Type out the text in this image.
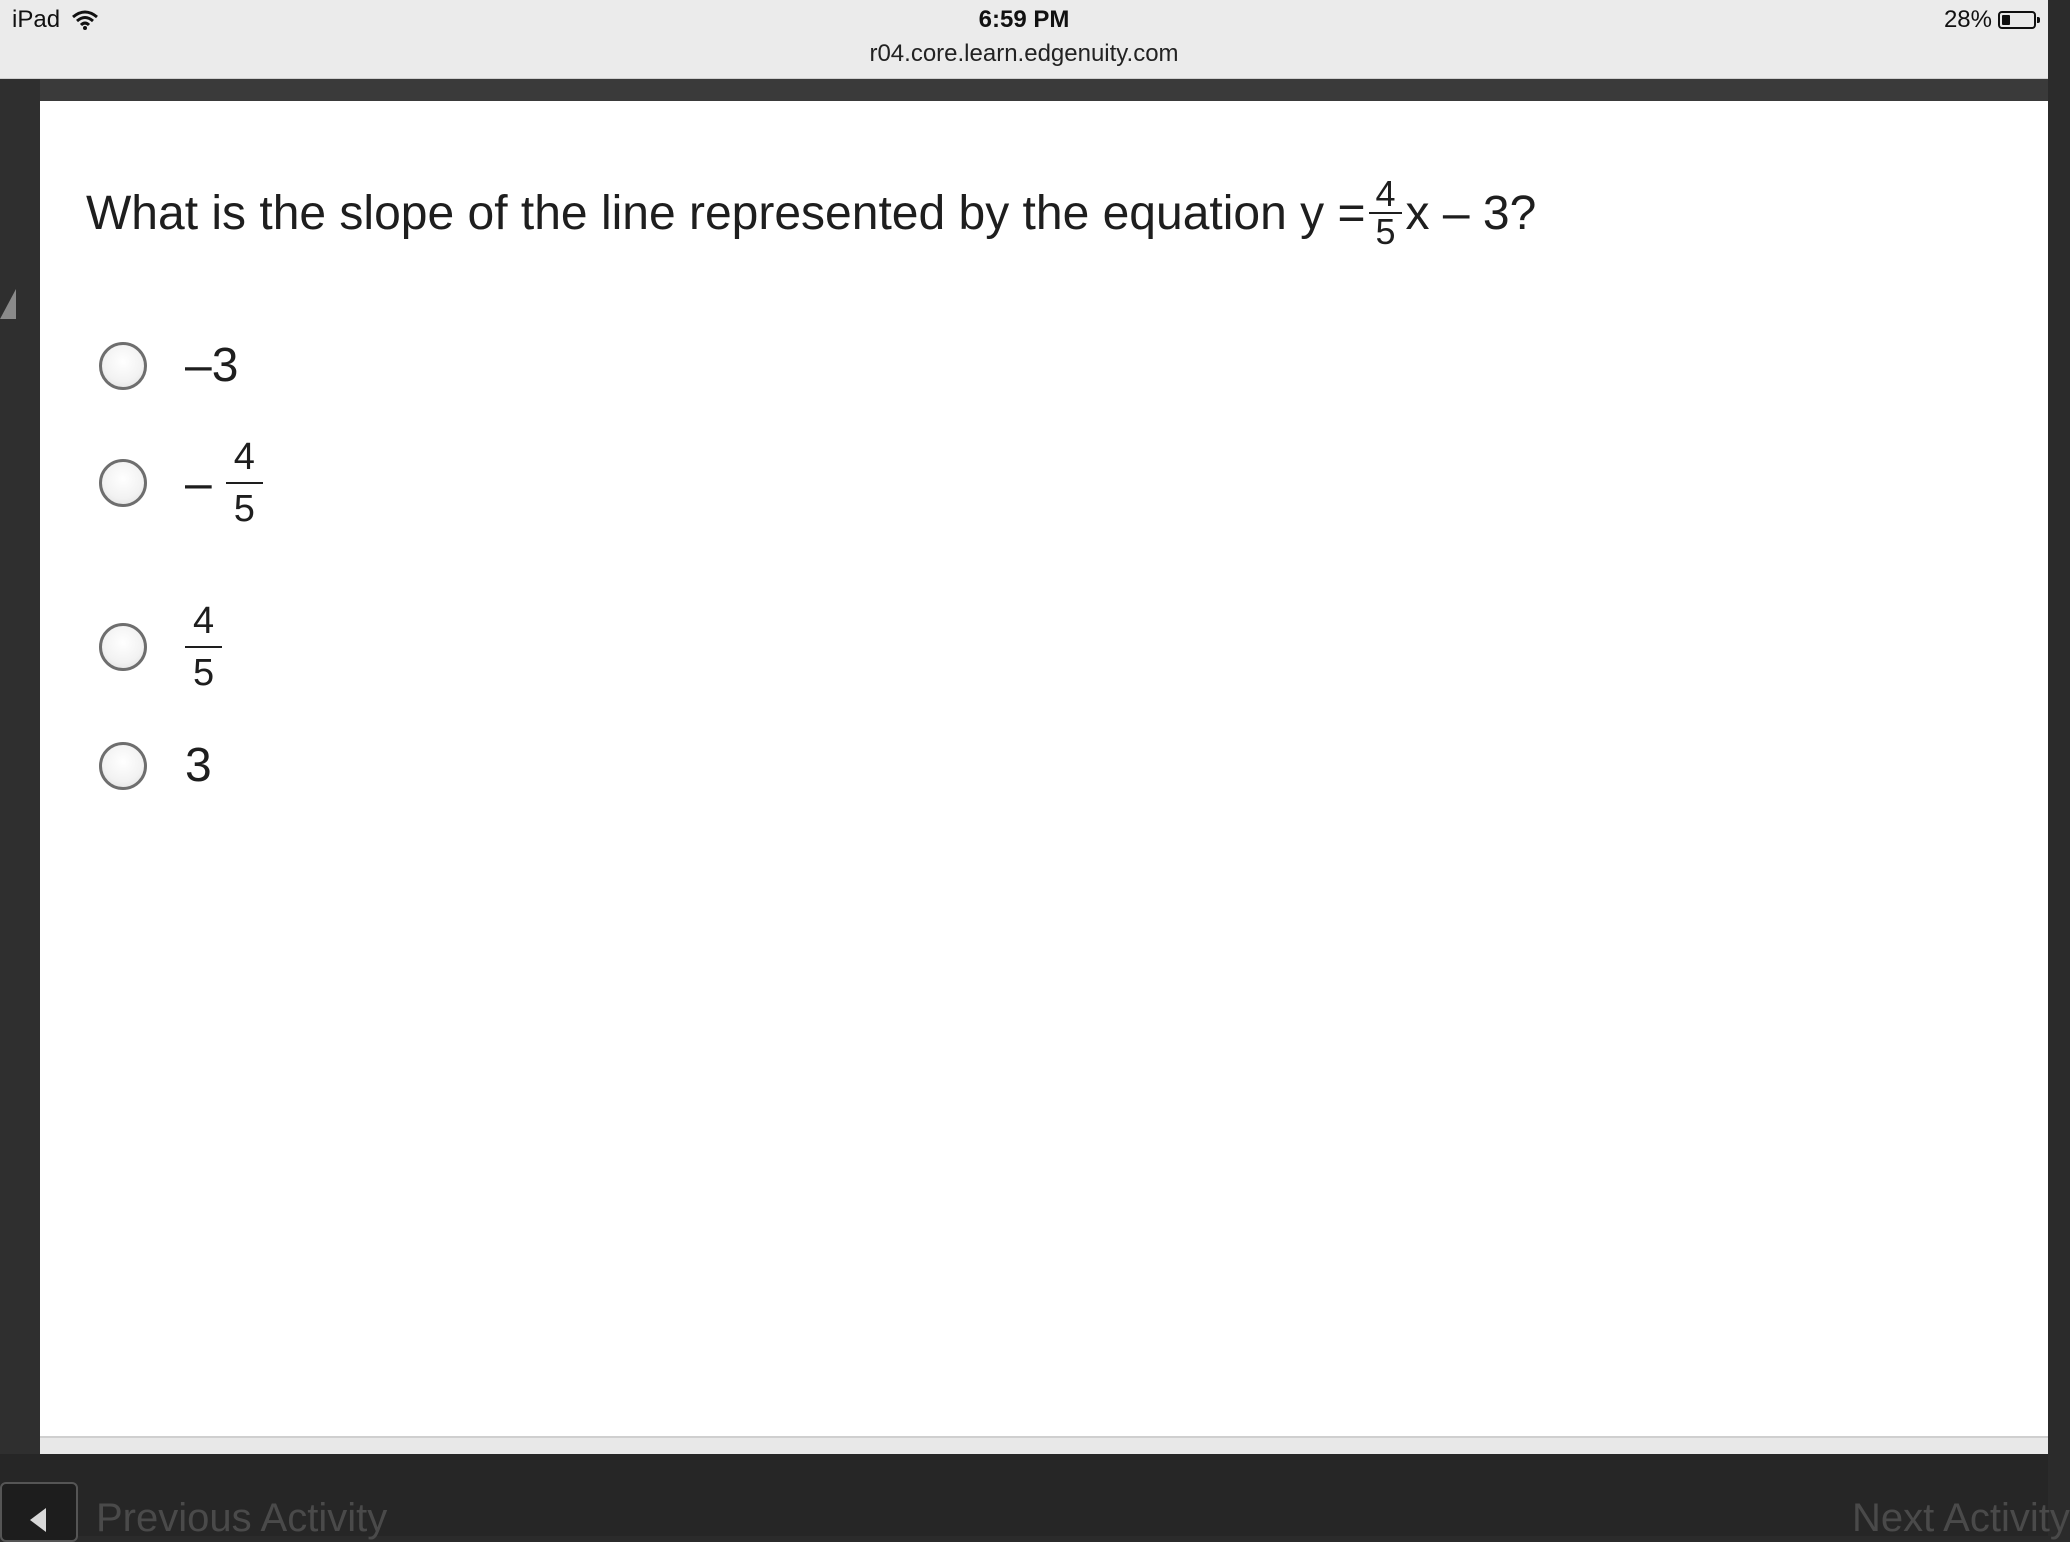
iPad	6:59 PM
r04.core.learn.edgenuity.com
28%
What is the slope of the line represented by the equation $y = \frac{4}{5}$ x – 3?
–3
– $\frac{4}{5}$
$\frac{4}{5}$
3
Previous Activity	Next Activity
